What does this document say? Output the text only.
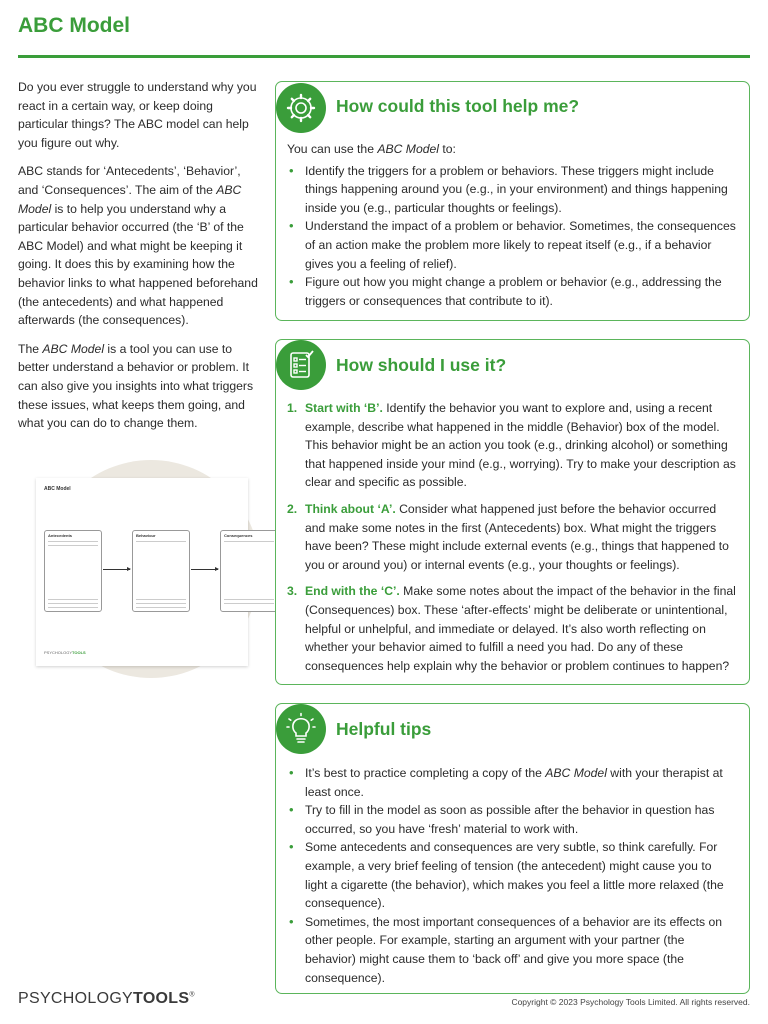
ABC Model

Do you ever struggle to understand why you react in a certain way, or keep doing particular things? The ABC model can help you figure out why.

ABC stands for ‘Antecedents’, ‘Behavior’, and ‘Consequences’. The aim of the ABC Model is to help you understand why a particular behavior occurred (the ‘B’ of the ABC Model) and what might be keeping it going. It does this by examining how the behavior links to what happened beforehand (the antecedents) and what happened afterwards (the consequences).

The ABC Model is a tool you can use to better understand a behavior or problem. It can also give you insights into what triggers these issues, what keeps them going, and what you can do to change them.

ABC Model
Antecedents	Behaviour	Consequences
PSYCHOLOGYTOOLS
How could this tool help me?

You can use the ABC Model to:

• Identify the triggers for a problem or behaviors. These triggers might include things happening around you (e.g., in your environment) and things happening inside you (e.g., particular thoughts or feelings).
• Understand the impact of a problem or behavior. Sometimes, the consequences of an action make the problem more likely to repeat itself (e.g., if a behavior gives you a feeling of relief).
• Figure out how you might change a problem or behavior (e.g., addressing the triggers or consequences that contribute to it).
How should I use it?
1. Start with ‘B’. Identify the behavior you want to explore and, using a recent example, describe what happened in the middle (Behavior) box of the model. This behavior might be an action you took (e.g., drinking alcohol) or something that happened inside your mind (e.g., worrying). Try to make your description as clear and specific as possible.
2. Think about ‘A’. Consider what happened just before the behavior occurred and make some notes in the first (Antecedents) box. What might the triggers have been? These might include external events (e.g., things that happened to you or around you) or internal events (e.g., your thoughts or feelings).
3. End with the ‘C’. Make some notes about the impact of the behavior in the final (Consequences) box. These ‘after-effects’ might be deliberate or unintentional, helpful or unhelpful, and immediate or delayed. It’s also worth reflecting on whether your behavior aimed to fulfill a need you had. Do any of these consequences help explain why the behavior or problem continues to happen?
Helpful tips
• It’s best to practice completing a copy of the ABC Model with your therapist at least once.
• Try to fill in the model as soon as possible after the behavior in question has occurred, so you have ‘fresh’ material to work with.
• Some antecedents and consequences are very subtle, so think carefully. For example, a very brief feeling of tension (the antecedent) might cause you to light a cigarette (the behavior), which makes you feel a little more relaxed (the consequence).
• Sometimes, the most important consequences of a behavior are its effects on other people. For example, starting an argument with your partner (the behavior) might cause them to ‘back off’ and give you more space (the consequence).
PSYCHOLOGYTOOLS®
Copyright © 2023 Psychology Tools Limited. All rights reserved.
